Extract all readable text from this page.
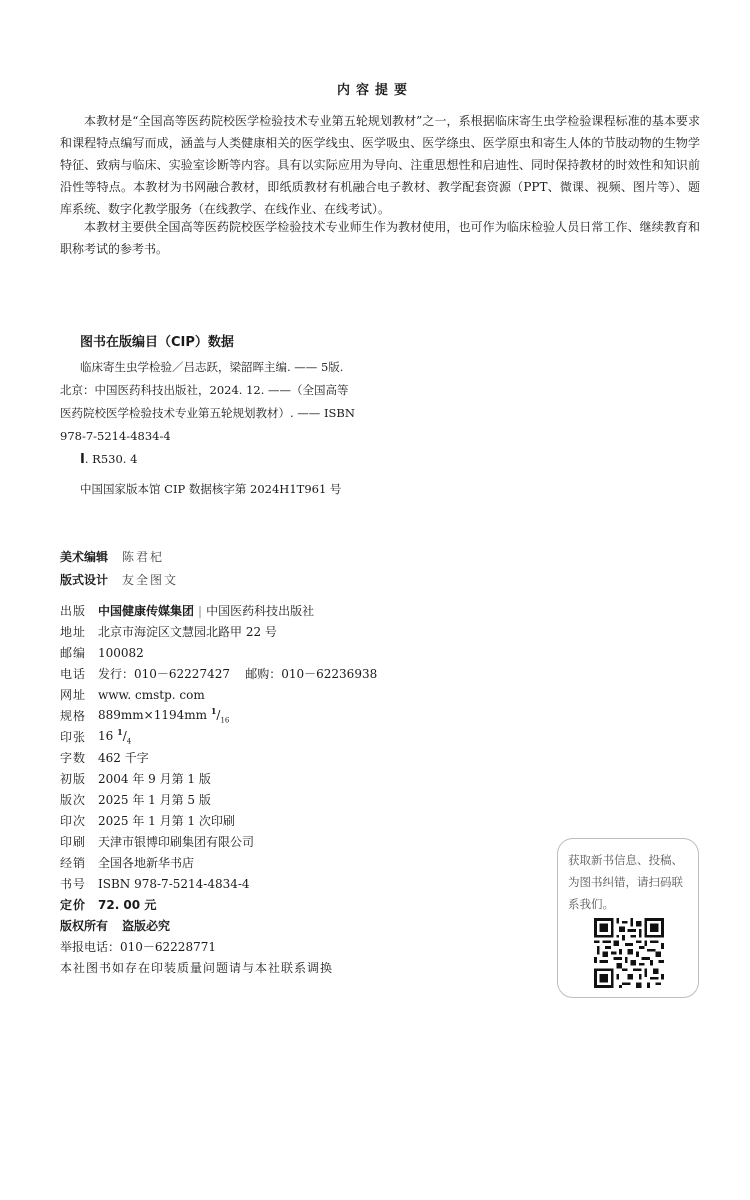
内容提要

本教材是“全国高等医药院校医学检验技术专业第五轮规划教材”之一，系根据临床寄生虫学检验课程标准的基本要求和课程特点编写而成，涵盖与人类健康相关的医学线虫、医学吸虫、医学绦虫、医学原虫和寄生人体的节肢动物的生物学特征、致病与临床、实验室诊断等内容。具有以实际应用为导向、注重思想性和启迪性、同时保持教材的时效性和知识前沿性等特点。本教材为书网融合教材，即纸质教材有机融合电子教材、教学配套资源（PPT、微课、视频、图片等）、题库系统、数字化教学服务（在线教学、在线作业、在线考试）。

本教材主要供全国高等医药院校医学检验技术专业师生作为教材使用，也可作为临床检验人员日常工作、继续教育和职称考试的参考书。

图书在版编目（CIP）数据
临床寄生虫学检验／吕志跃，梁韶晖主编. —— 5版.
北京：中国医药科技出版社，2024. 12. ——（全国高等
医药院校医学检验技术专业第五轮规划教材）. —— ISBN
978-7-5214-4834-4
Ⅰ. R530. 4
中国国家版本馆 CIP 数据核字第 2024H1T961 号
美术编辑	陈君杞
版式设计	友全图文
出版 中国健康传媒集团 | 中国医药科技出版社
地址 北京市海淀区文慧园北路甲 22 号
邮编 100082
电话 发行：010－62227427    邮购：010－62236938
网址 www. cmstp. com
规格 889mm×1194mm $^1/_{16}$
印张 16 $^1/_4$
字数 462 千字
初版 2004 年 9 月第 1 版
版次 2025 年 1 月第 5 版
印次 2025 年 1 月第 1 次印刷
印刷 天津市银博印刷集团有限公司
经销 全国各地新华书店
书号 ISBN 978-7-5214-4834-4
定价 72. 00 元
版权所有 盗版必究
举报电话：010－62228771
本社图书如存在印装质量问题请与本社联系调换
获取新书信息、投稿、为图书纠错，请扫码联系我们。
